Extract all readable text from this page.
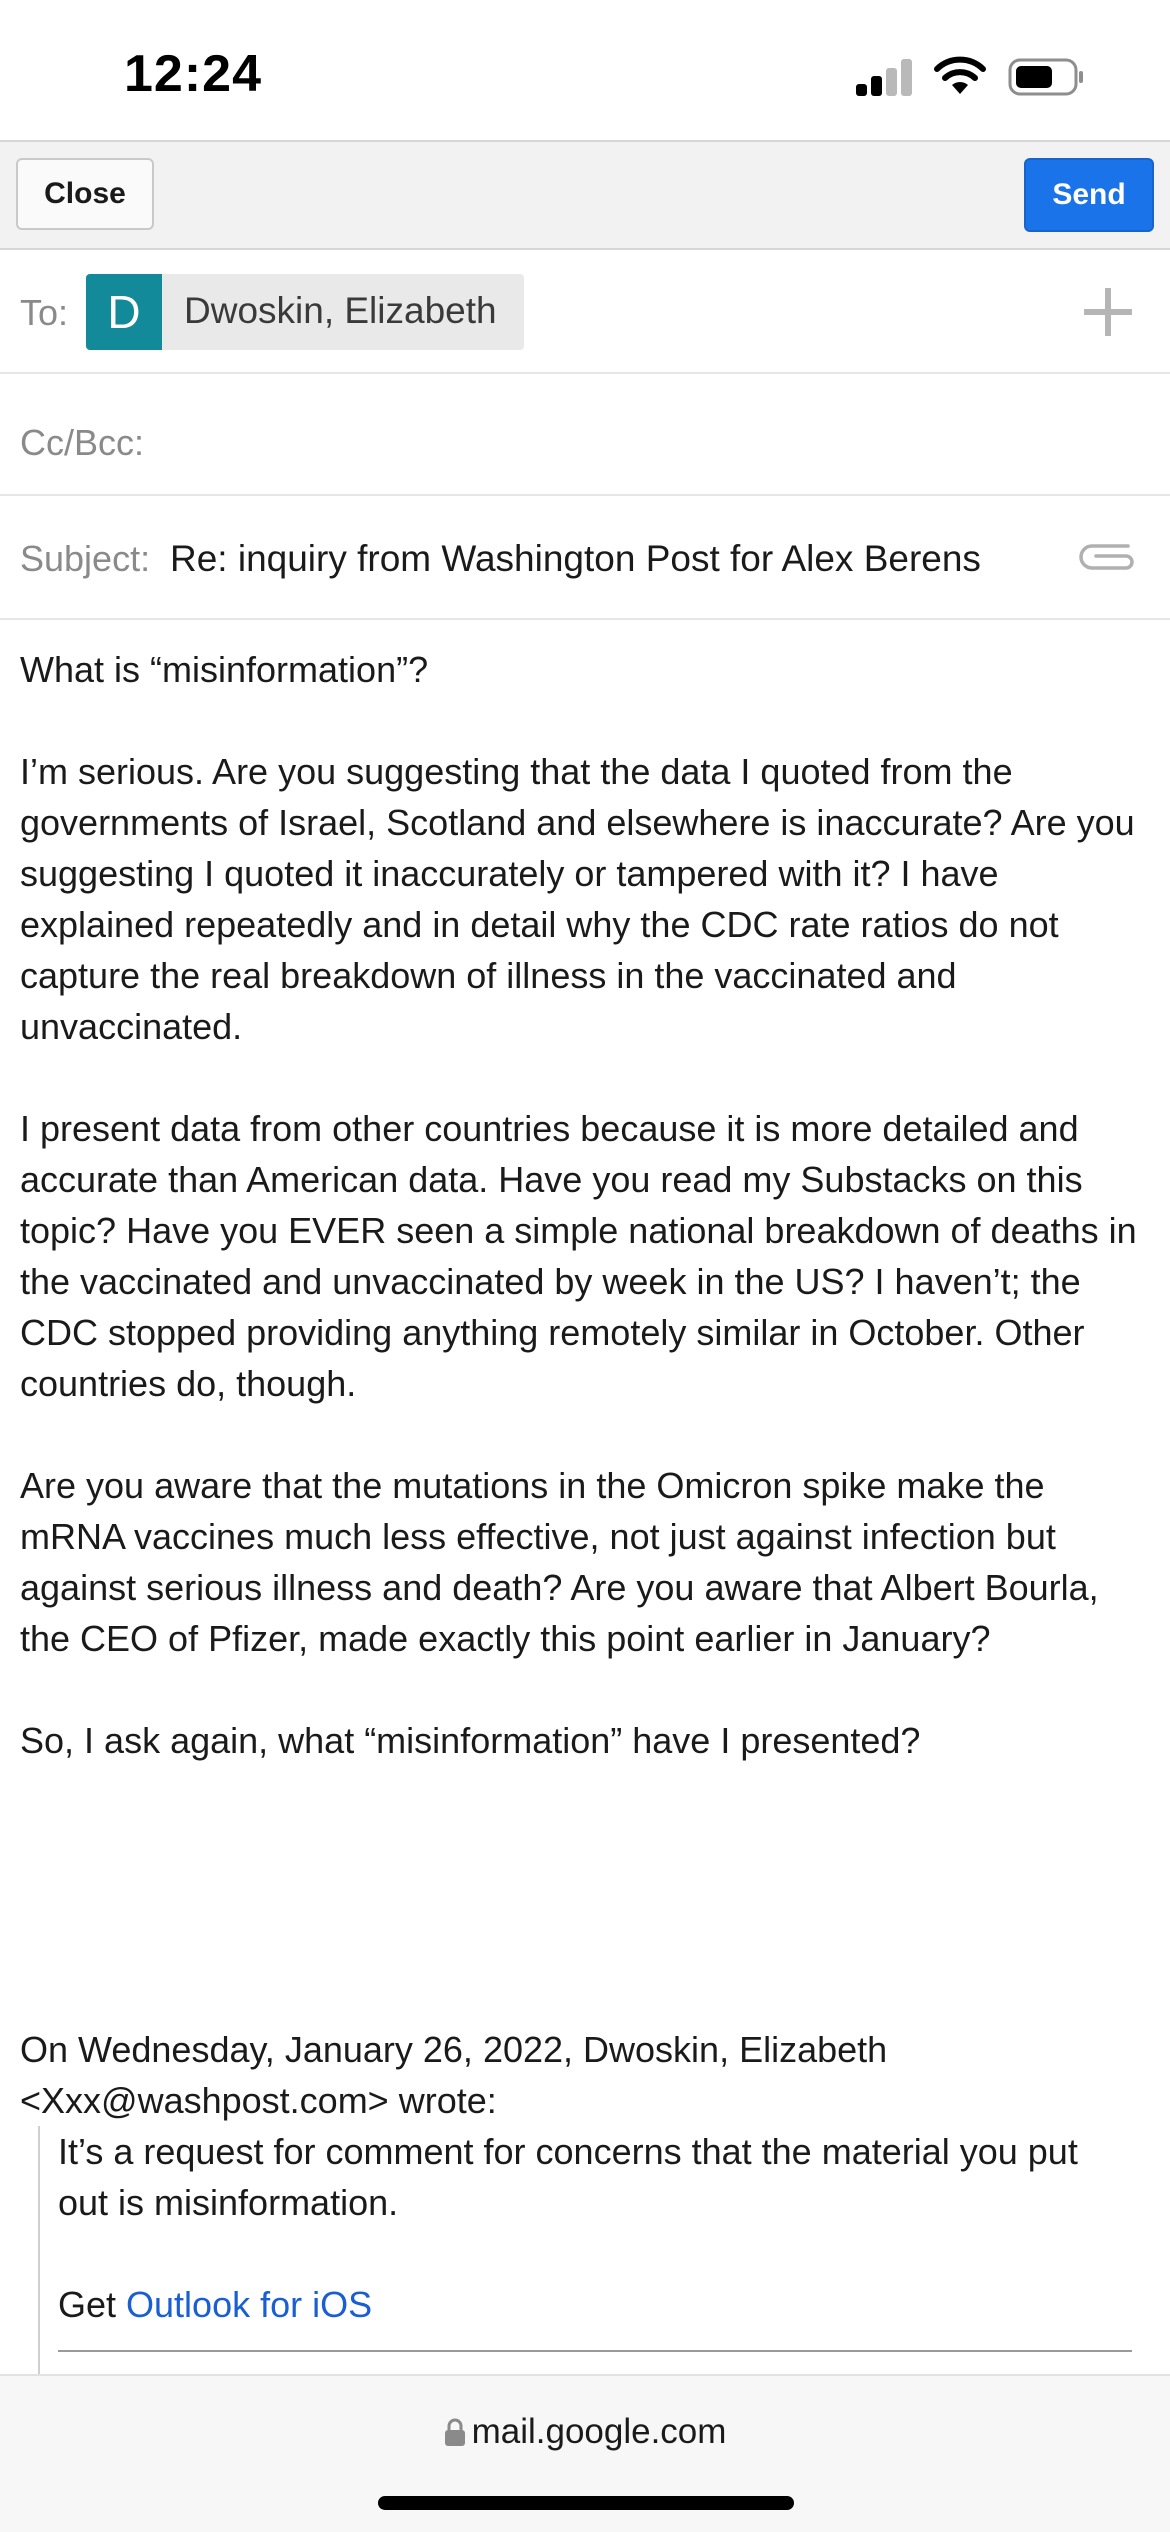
12:24
Close	Send
To: D	Dwoskin, Elizabeth
Cc/Bcc:
Subject: Re: inquiry from Washington Post for Alex Berens

What is “misinformation”?

I’m serious. Are you suggesting that the data I quoted from the governments of Israel, Scotland and elsewhere is inaccurate? Are you suggesting I quoted it inaccurately or tampered with it? I have explained repeatedly and in detail why the CDC rate ratios do not capture the real breakdown of illness in the vaccinated and unvaccinated.

I present data from other countries because it is more detailed and accurate than American data. Have you read my Substacks on this topic? Have you EVER seen a simple national breakdown of deaths in the vaccinated and unvaccinated by week in the US? I haven’t; the CDC stopped providing anything remotely similar in October. Other countries do, though.

Are you aware that the mutations in the Omicron spike make the mRNA vaccines much less effective, not just against infection but against serious illness and death? Are you aware that Albert Bourla, the CEO of Pfizer, made exactly this point earlier in January?

So, I ask again, what “misinformation” have I presented?

On Wednesday, January 26, 2022, Dwoskin, Elizabeth
<Xxx@washpost.com> wrote:

It’s a request for comment for concerns that the material you put out is misinformation.

Get Outlook for iOS
mail.google.com
